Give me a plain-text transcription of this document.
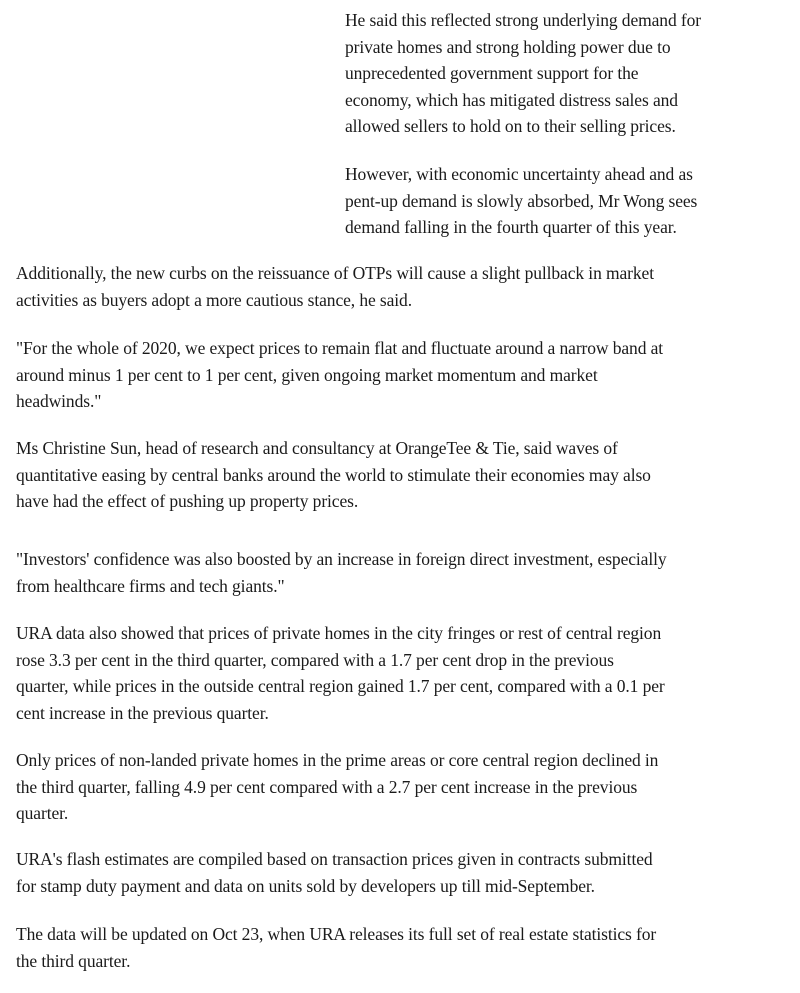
He said this reflected strong underlying demand for
private homes and strong holding power due to
unprecedented government support for the
economy, which has mitigated distress sales and
allowed sellers to hold on to their selling prices.

However, with economic uncertainty ahead and as
pent-up demand is slowly absorbed, Mr Wong sees
demand falling in the fourth quarter of this year.

Additionally, the new curbs on the reissuance of OTPs will cause a slight pullback in market
activities as buyers adopt a more cautious stance, he said.

"For the whole of 2020, we expect prices to remain flat and fluctuate around a narrow band at
around minus 1 per cent to 1 per cent, given ongoing market momentum and market
headwinds."

Ms Christine Sun, head of research and consultancy at OrangeTee & Tie, said waves of
quantitative easing by central banks around the world to stimulate their economies may also
have had the effect of pushing up property prices.

"Investors' confidence was also boosted by an increase in foreign direct investment, especially
from healthcare firms and tech giants."

URA data also showed that prices of private homes in the city fringes or rest of central region
rose 3.3 per cent in the third quarter, compared with a 1.7 per cent drop in the previous
quarter, while prices in the outside central region gained 1.7 per cent, compared with a 0.1 per
cent increase in the previous quarter.

Only prices of non-landed private homes in the prime areas or core central region declined in
the third quarter, falling 4.9 per cent compared with a 2.7 per cent increase in the previous
quarter.

URA's flash estimates are compiled based on transaction prices given in contracts submitted
for stamp duty payment and data on units sold by developers up till mid-September.

The data will be updated on Oct 23, when URA releases its full set of real estate statistics for
the third quarter.
